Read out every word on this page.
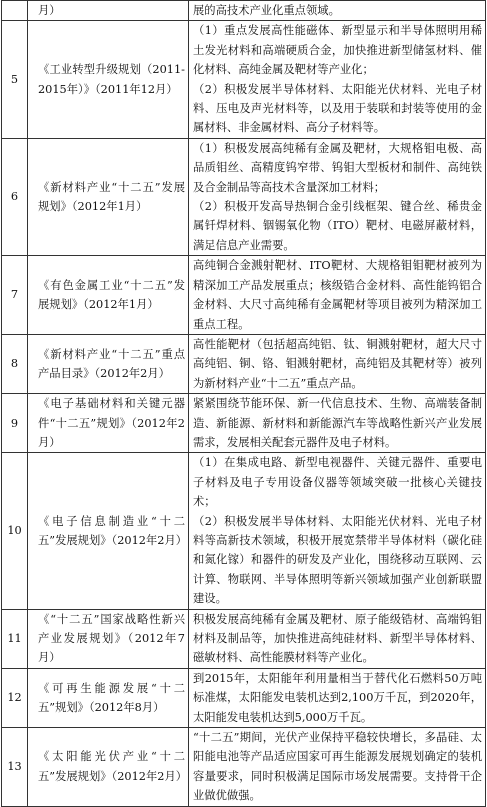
	月）	展的高技术产业化重点领域。

5	《工业转型升级规划（2011-2015年）》（2011年12月）	（1）重点发展高性能磁体、新型显示和半导体照明用稀土发光材料和高端硬质合金，加快推进新型储氢材料、催化材料、高纯金属及靶材等产业化；

（2）积极发展半导体材料、太阳能光伏材料、光电子材料、压电及声光材料等，以及用于装联和封装等使用的金属材料、非金属材料、高分子材料等。

6	《新材料产业“十二五”发展规划》（2012年1月）	（1）积极发展高纯稀有金属及靶材，大规格钼电极、高品质钼丝、高精度钨窄带、钨钼大型板材和制件、高纯铁及合金制品等高技术含量深加工材料；

（2）积极开发高导热铜合金引线框架、键合丝、稀贵金属钎焊材料、铟锡氧化物（ITO）靶材、电磁屏蔽材料，满足信息产业需要。

7	《有色金属工业“十二五”发展规划》（2012年1月）	高纯铜合金溅射靶材、ITO靶材、大规格钼钼靶材被列为精深加工产品发展重点；核级锆合金材料、高性能钨铝合金材料、大尺寸高纯稀有金属靶材等项目被列为精深加工重点工程。

8	《新材料产业“十二五”重点产品目录》（2012年2月）	高性能靶材（包括超高纯铝、钛、铜溅射靶材，超大尺寸高纯铝、铜、铬、钼溅射靶材，高纯铝及其靶材等）被列为新材料产业“十二五”重点产品。

9	《电子基础材料和关键元器件“十二五”规划》（2012年2月）	紧紧围绕节能环保、新一代信息技术、生物、高端装备制造、新能源、新材料和新能源汽车等战略性新兴产业发展需求，发展相关配套元器件及电子材料。

10	《电子信息制造业“十二五”发展规划》（2012年2月）	（1）在集成电路、新型电视器件、关键元器件、重要电子材料及电子专用设备仪器等领域突破一批核心关键技术；

（2）积极发展半导体材料、太阳能光伏材料、光电子材料等高新技术领域，积极开展宽禁带半导体材料（碳化硅和氮化镓）和器件的研发及产业化，围绕移动互联网、云计算、物联网、半导体照明等新兴领域加强产业创新联盟建设。

11	《“十二五”国家战略性新兴产业发展规划》（2012年7月）	积极发展高纯稀有金属及靶材、原子能级锆材、高端钨钼材料及制品等，加快推进高纯硅材料、新型半导体材料、磁敏材料、高性能膜材料等产业化。

12	《可再生能源发展“十二五”规划》（2012年8月）	到2015年，太阳能年利用量相当于替代化石燃料50万吨标准煤，太阳能发电装机达到2,100万千瓦，到2020年，太阳能发电装机达到5,000万千瓦。

13	《太阳能光伏产业“十二五”发展规划》（2012年2月）	“十二五”期间，光伏产业保持平稳较快增长，多晶硅、太阳能电池等产品适应国家可再生能源发展规划确定的装机容量要求，同时积极满足国际市场发展需要。支持骨干企业做优做强。
